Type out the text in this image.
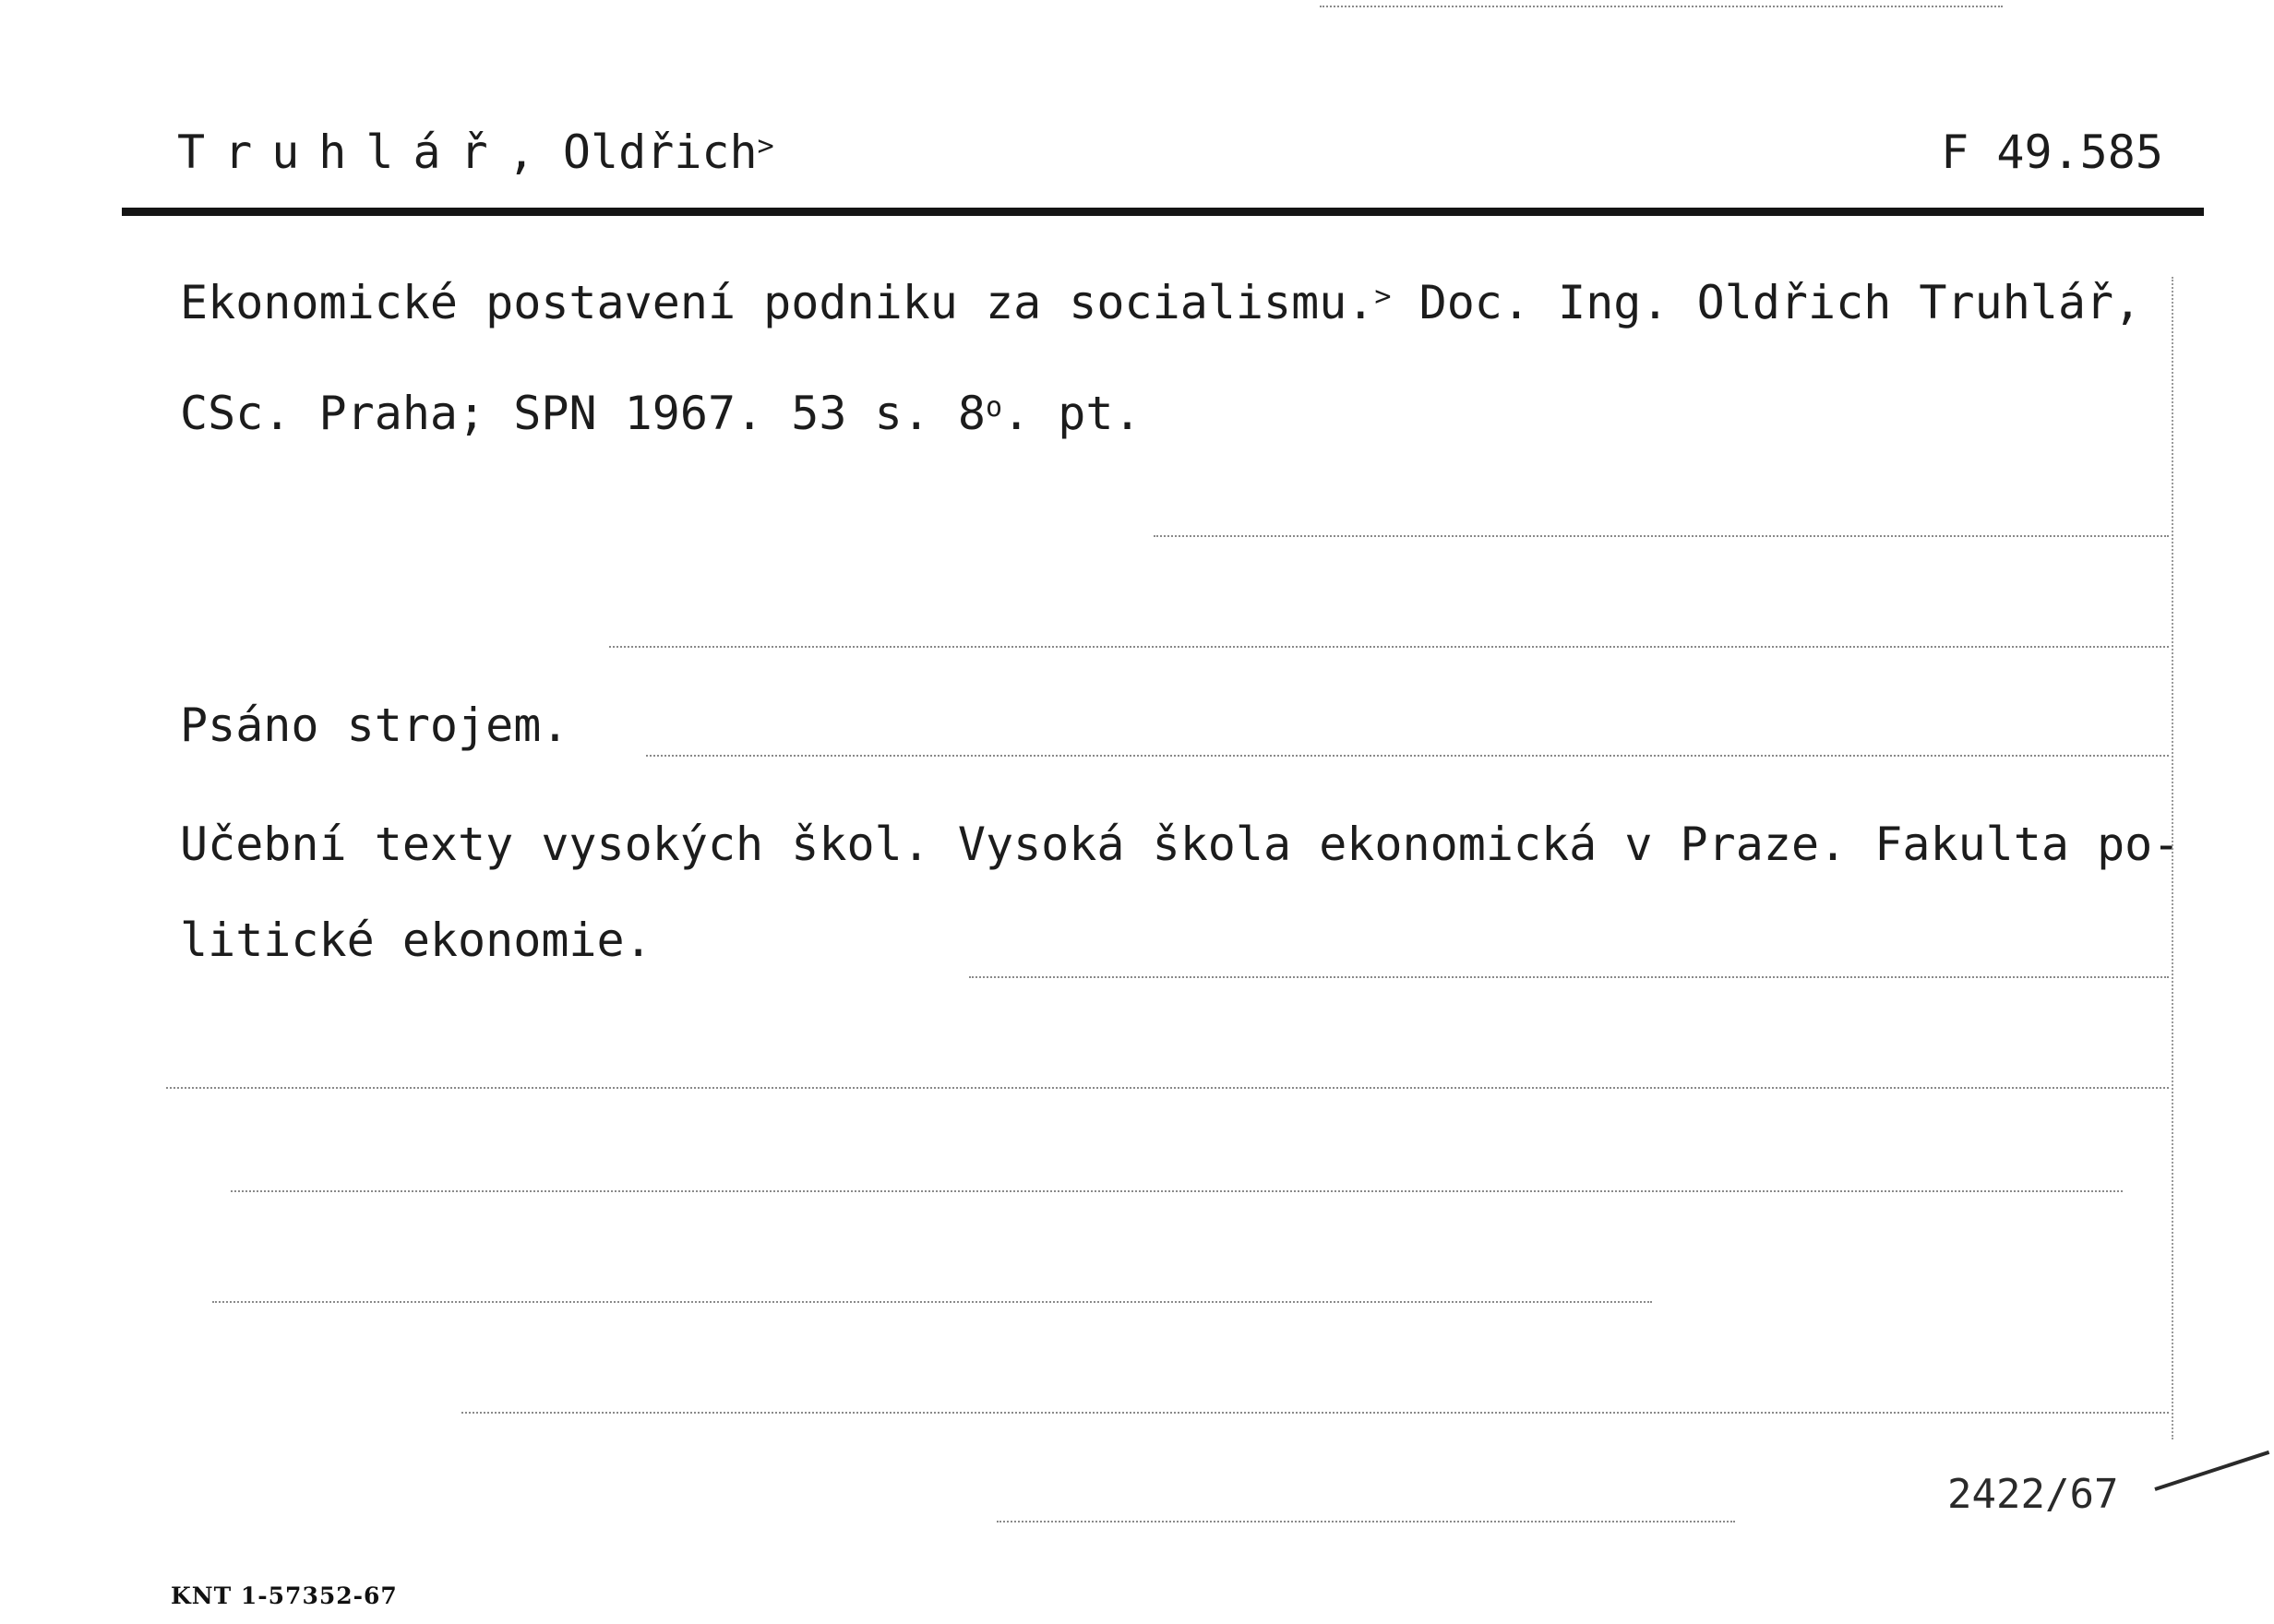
Truhlář, Oldřich>	F 49.585
Ekonomické postavení podniku za socialismu.> Doc. Ing. Oldřich Truhlář,
CSc. Praha; SPN 1967. 53 s. 8$^o$. pt.
Psáno strojem.
Učební texty vysokých škol. Vysoká škola ekonomická v Praze. Fakulta po-
litické ekonomie.
2422/67
KNT 1-57352-67
